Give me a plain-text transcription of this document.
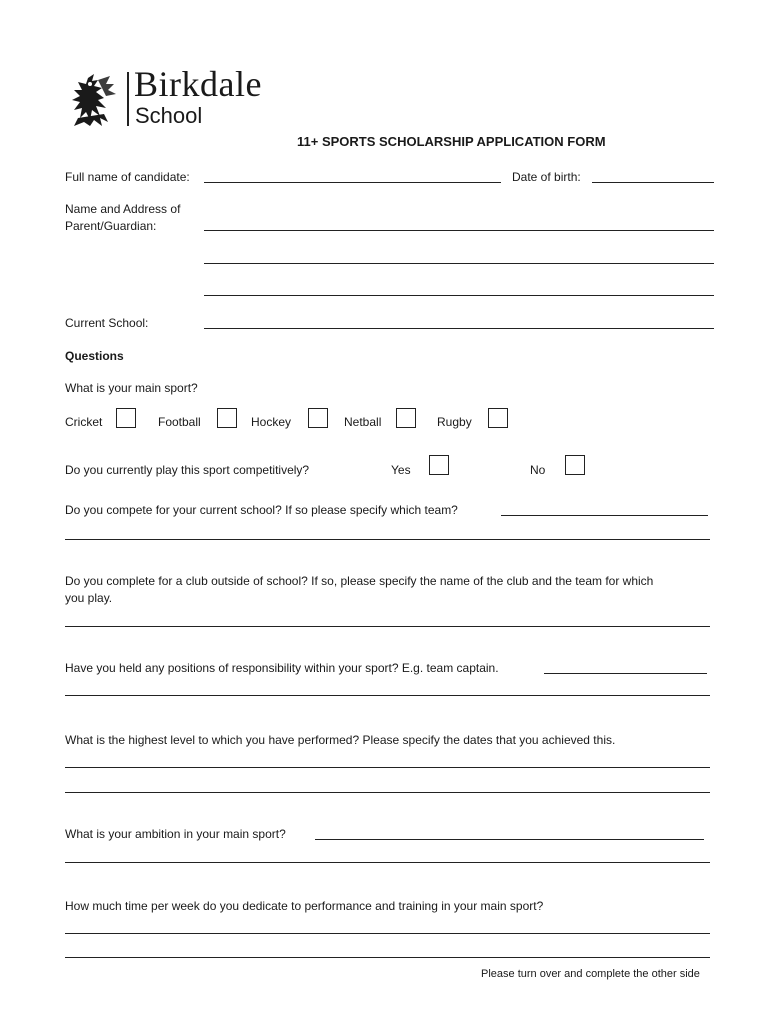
Birkdale
School
11+ SPORTS SCHOLARSHIP APPLICATION FORM
Full name of candidate:	Date of birth:
Name and Address of
Parent/Guardian:
Current School:
Questions
What is your main sport?
Cricket	Football	Hockey	Netball	Rugby
Do you currently play this sport competitively?	Yes	No
Do you compete for your current school? If so please specify which team?
Do you complete for a club outside of school? If so, please specify the name of the club and the team for which
you play.
Have you held any positions of responsibility within your sport? E.g. team captain.
What is the highest level to which you have performed? Please specify the dates that you achieved this.
What is your ambition in your main sport?
How much time per week do you dedicate to performance and training in your main sport?
Please turn over and complete the other side
